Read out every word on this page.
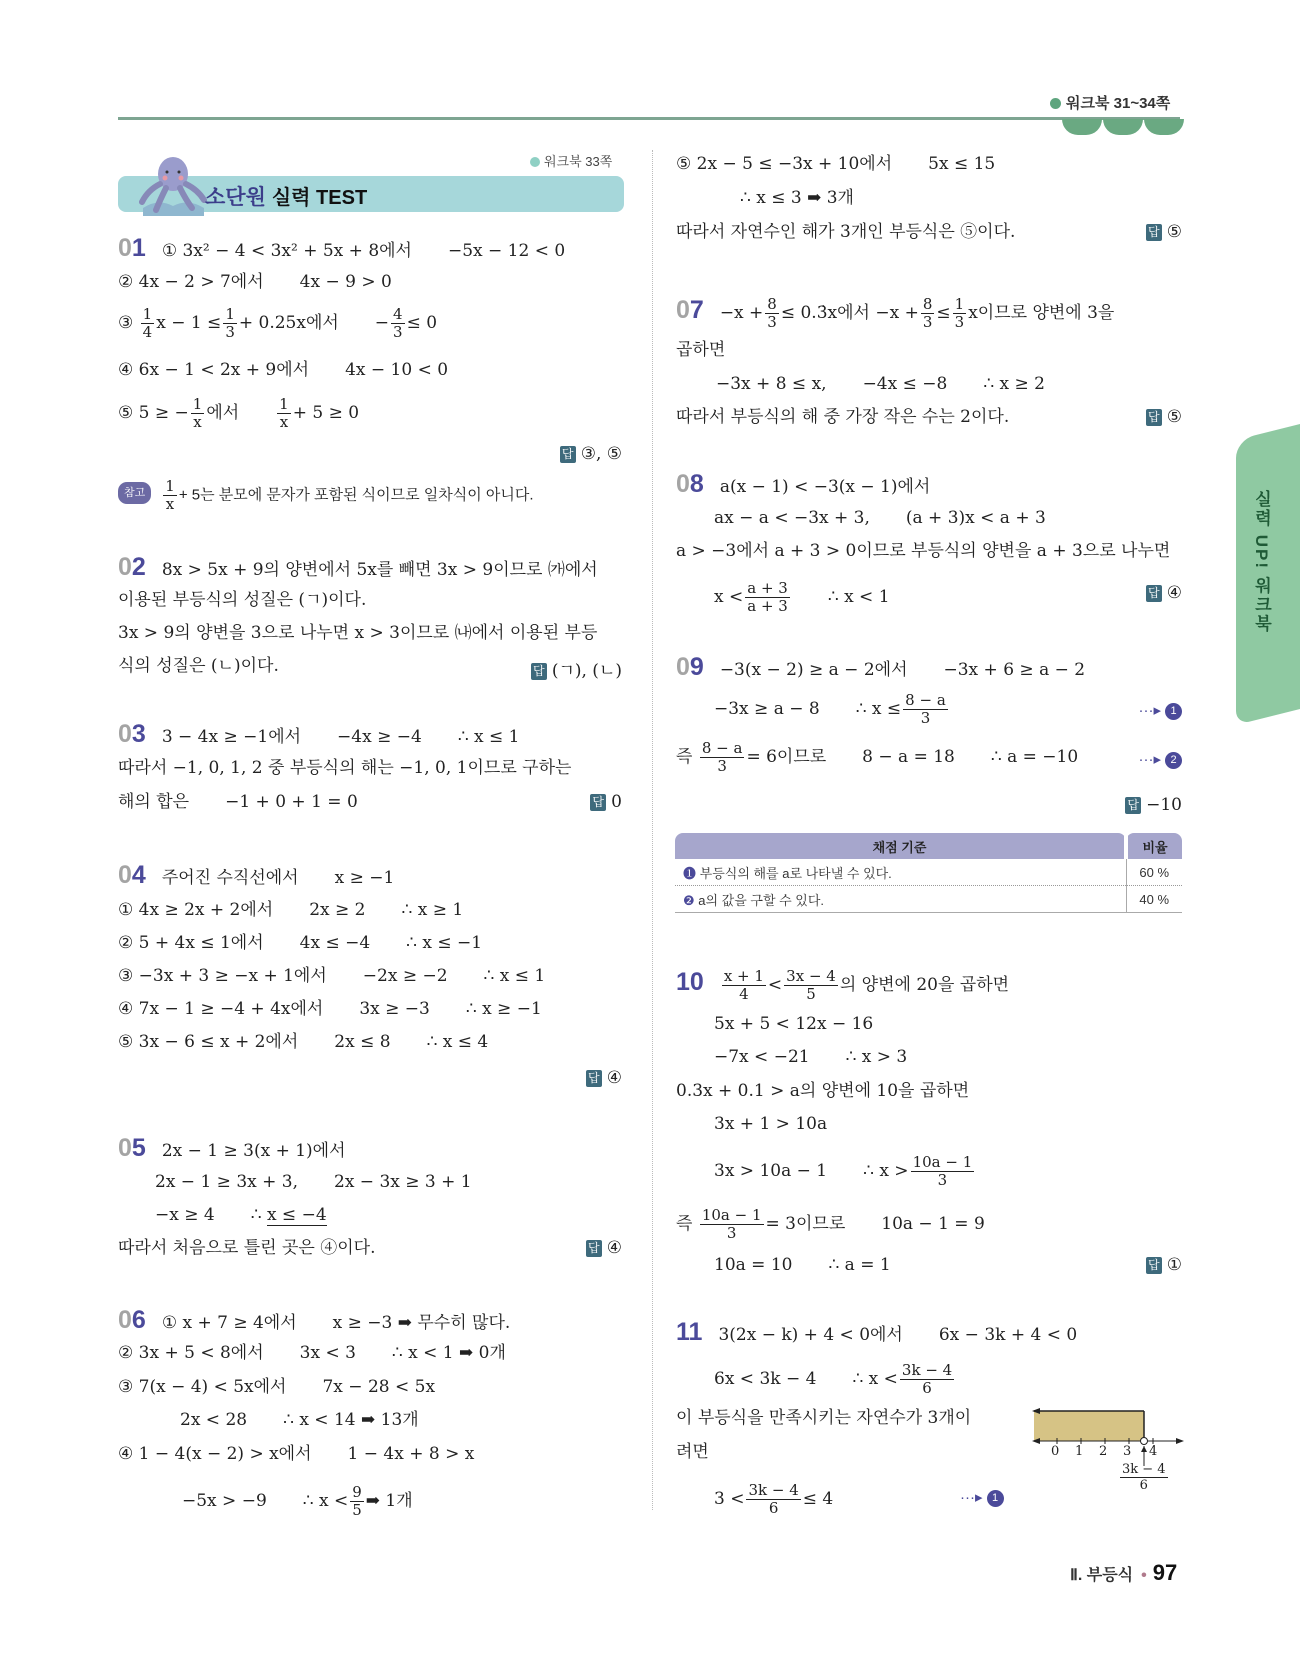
워크북 31~34쪽
워크북 33쪽
소단원 실력 TEST
실력 UP! 워크북
01 ① 3x² − 4 < 3x² + 5x + 8에서 −5x − 12 < 0
② 4x − 2 > 7에서 4x − 9 > 0
③ $\frac{1}{4}$ $x - 1 \le \frac{1}{3} + 0.25x$에서 − $\frac{4}{3} \le 0$
④ 6x − 1 < 2x + 9에서 4x − 10 < 0
⑤ 5 ≥ − $\frac{1}{x}$ 에서	$\frac{1}{x} + 5 \ge 0$
답 ③, ⑤
참고 $\frac{1}{x} + 5$는 분모에 문자가 포함된 식이므로 일차식이 아니다.
02 8x > 5x + 9의 양변에서 5x를 빼면 3x > 9이므로 ㈎에서
이용된 부등식의 성질은 (ㄱ)이다.
3x > 9의 양변을 3으로 나누면 x > 3이므로 ㈏에서 이용된 부등
식의 성질은 (ㄴ)이다.	답 (ㄱ), (ㄴ)
03 3 − 4x ≥ −1에서 −4x ≥ −4 ∴ x ≤ 1
따라서 −1, 0, 1, 2 중 부등식의 해는 −1, 0, 1이므로 구하는
해의 합은 −1 + 0 + 1 = 0	답 0
04 주어진 수직선에서 x ≥ −1
① 4x ≥ 2x + 2에서 2x ≥ 2 ∴ x ≥ 1
② 5 + 4x ≤ 1에서 4x ≤ −4 ∴ x ≤ −1
③ −3x + 3 ≥ −x + 1에서 −2x ≥ −2 ∴ x ≤ 1
④ 7x − 1 ≥ −4 + 4x에서 3x ≥ −3 ∴ x ≥ −1
⑤ 3x − 6 ≤ x + 2에서 2x ≤ 8 ∴ x ≤ 4
답 ④
05 2x − 1 ≥ 3(x + 1)에서
2x − 1 ≥ 3x + 3, 2x − 3x ≥ 3 + 1
−x ≥ 4 ∴ x ≤ −4
따라서 처음으로 틀린 곳은 ④이다.	답 ④
06 ① x + 7 ≥ 4에서 x ≥ −3 ➡ 무수히 많다.
② 3x + 5 < 8에서 3x < 3 ∴ x < 1 ➡ 0개
③ 7(x − 4) < 5x에서 7x − 28 < 5x
2x < 28 ∴ x < 14 ➡ 13개
④ 1 − 4(x − 2) > x에서 1 − 4x + 8 > x
−5x > −9 ∴ $x < \frac{9}{5}$ ➡ 1개
⑤ 2x − 5 ≤ −3x + 10에서 5x ≤ 15
∴ x ≤ 3 ➡ 3개
따라서 자연수인 해가 3개인 부등식은 ⑤이다.	답 ⑤
$07 -x + \frac{8}{3}$ ≤ 0.3̇x에서 $-x + \frac{8}{3} \le \frac{1}{3}$ x이므로 양변에 3을
곱하면
−3x + 8 ≤ x, −4x ≤ −8 ∴ x ≥ 2
따라서 부등식의 해 중 가장 작은 수는 2이다.	답 ⑤
08 a(x − 1) < −3(x − 1)에서
ax − a < −3x + 3, (a + 3)x < a + 3
a > −3에서 a + 3 > 0이므로 부등식의 양변을 a + 3으로 나누면
$x < \frac{a + 3}{a + 3}$ ∴ x < 1	답 ④
09 −3(x − 2) ≥ a − 2에서 −3x + 6 ≥ a − 2
−3x ≥ a − 8 ∴ $x \le \frac{8 - a}{3}$	···▸ 1
즉 $\frac{8 - a}{3} = 6$이므로 8 − a = 18 ∴ a = −10	···▸ 2
답 −10
채점 기준	비율
❶ 부등식의 해를 a로 나타낼 수 있다.	60 %
❷ a의 값을 구할 수 있다.	40 %
$10 \frac{x + 1}{4} < \frac{3x - 4}{5}$ 의 양변에 20을 곱하면
5x + 5 < 12x − 16
−7x < −21 ∴ x > 3
0.3x + 0.1 > a의 양변에 10을 곱하면
3x + 1 > 10a
3x > 10a − 1 ∴ $x > \frac{10a - 1}{3}$
즉 $\frac{10a - 1}{3} = 3$이므로 10a − 1 = 9
10a = 10 ∴ a = 1	답 ①
11 3(2x − k) + 4 < 0에서 6x − 3k + 4 < 0
6x < 3k − 4 ∴ $x < \frac{3k - 4}{6}$
이 부등식을 만족시키는 자연수가 3개이
려면
$3 < \frac{3k - 4}{6} \le 4$	···▸ 1
0 1 2 3 4
$\frac{3k - 4}{6}$
Ⅱ. 부등식 • 97
